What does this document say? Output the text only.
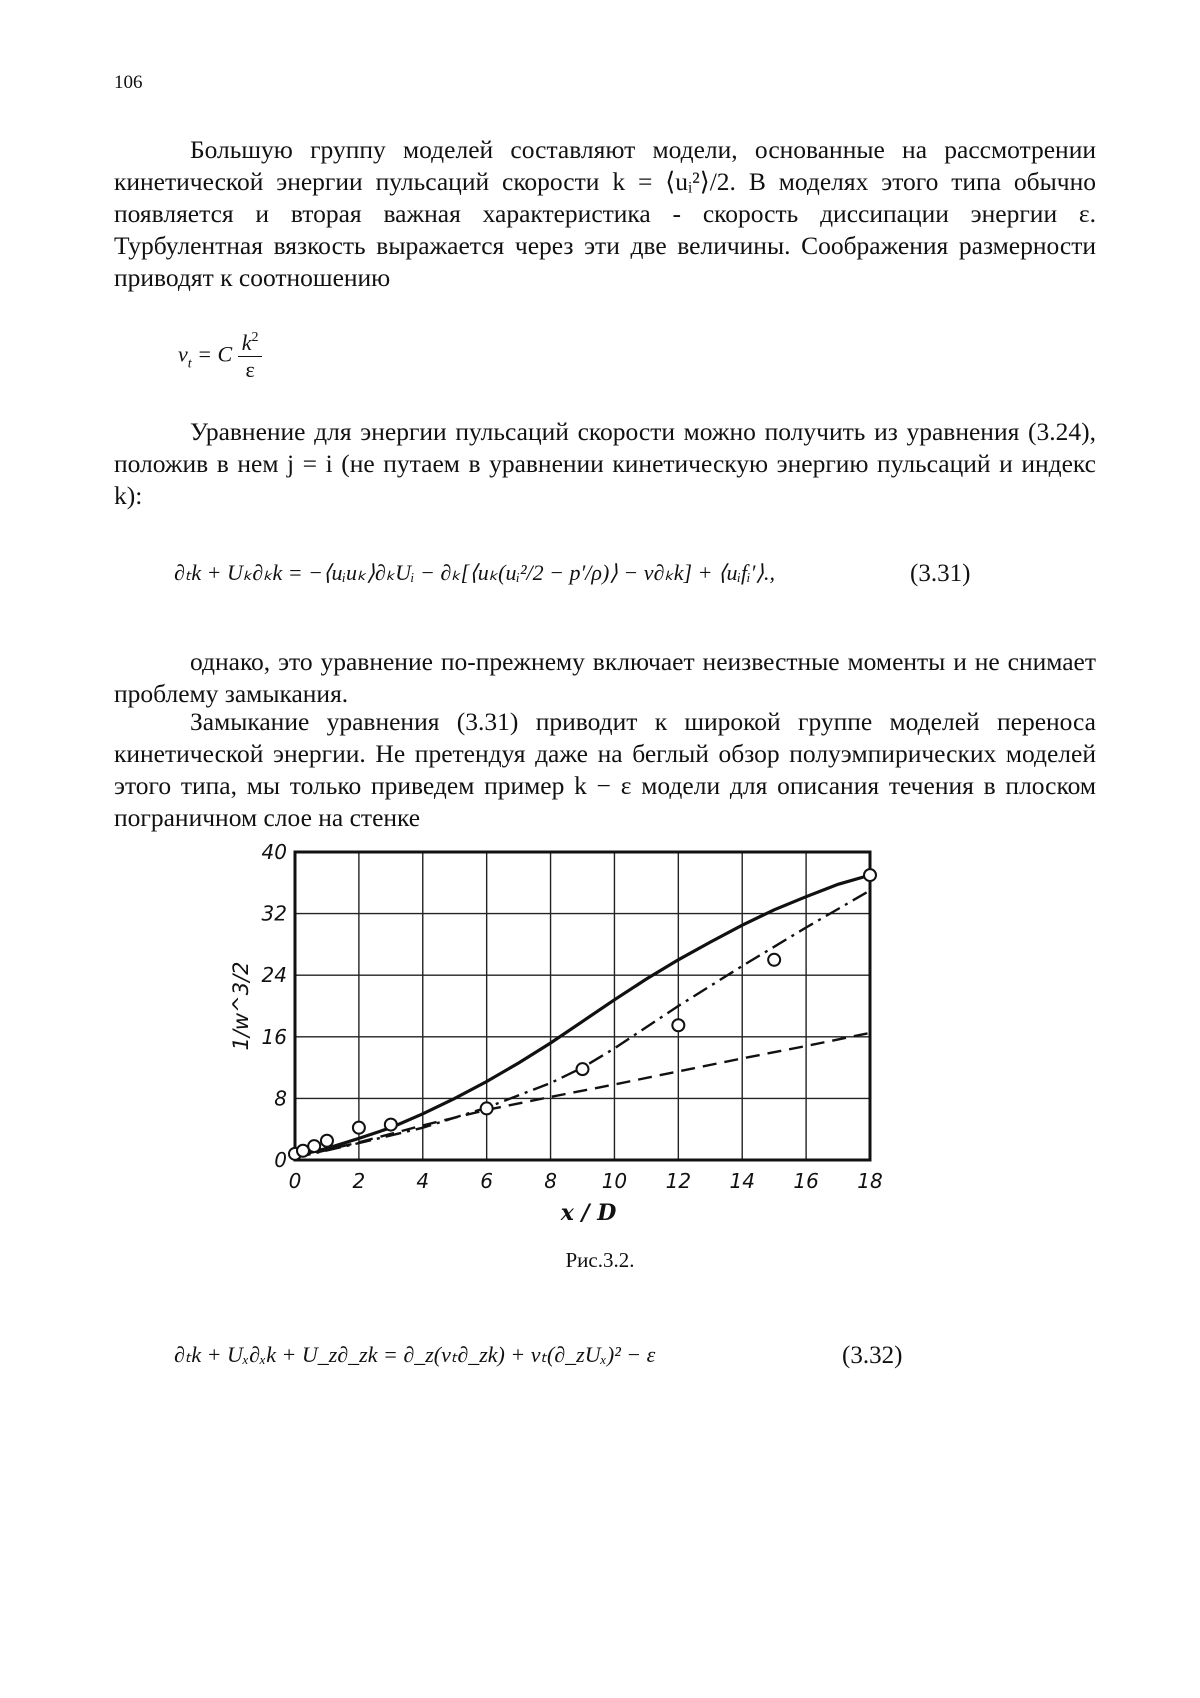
106

Большую группу моделей составляют модели, основанные на рассмотрении кинетической энергии пульсаций скорости k = ⟨uᵢ²⟩/2. В моделях этого типа обычно появляется и вторая важная характеристика - скорость диссипации энергии ε. Турбулентная вязкость выражается через эти две величины. Соображения размерности приводят к соотношению

νt = C k2
ε

Уравнение для энергии пульсаций скорости можно получить из уравнения (3.24), положив в нем j = i (не путаем в уравнении кинетическую энергию пульсаций и индекс k):

∂ₜk + Uₖ∂ₖk = −⟨uᵢuₖ⟩∂ₖUᵢ − ∂ₖ[⟨uₖ(uᵢ²/2 − p′/ρ)⟩ − ν∂ₖk] + ⟨uᵢfᵢ′⟩.,	(3.31)

однако, это уравнение по-прежнему включает неизвестные моменты и не снимает проблему замыкания.

Замыкание уравнения (3.31) приводит к широкой группе моделей переноса кинетической энергии. Не претендуя даже на беглый обзор полуэмпирических моделей этого типа, мы только приведем пример k − ε модели для описания течения в плоском пограничном слое на стенке

0	2	4	6	8 10 12 14 16 18
0
8
16
24
32
40
x / D
1/w^3/2
Рис.3.2.
∂ₜk + Uₓ∂ₓk + U_z∂_zk = ∂_z(νₜ∂_zk) + νₜ(∂_zUₓ)² − ε	(3.32)
